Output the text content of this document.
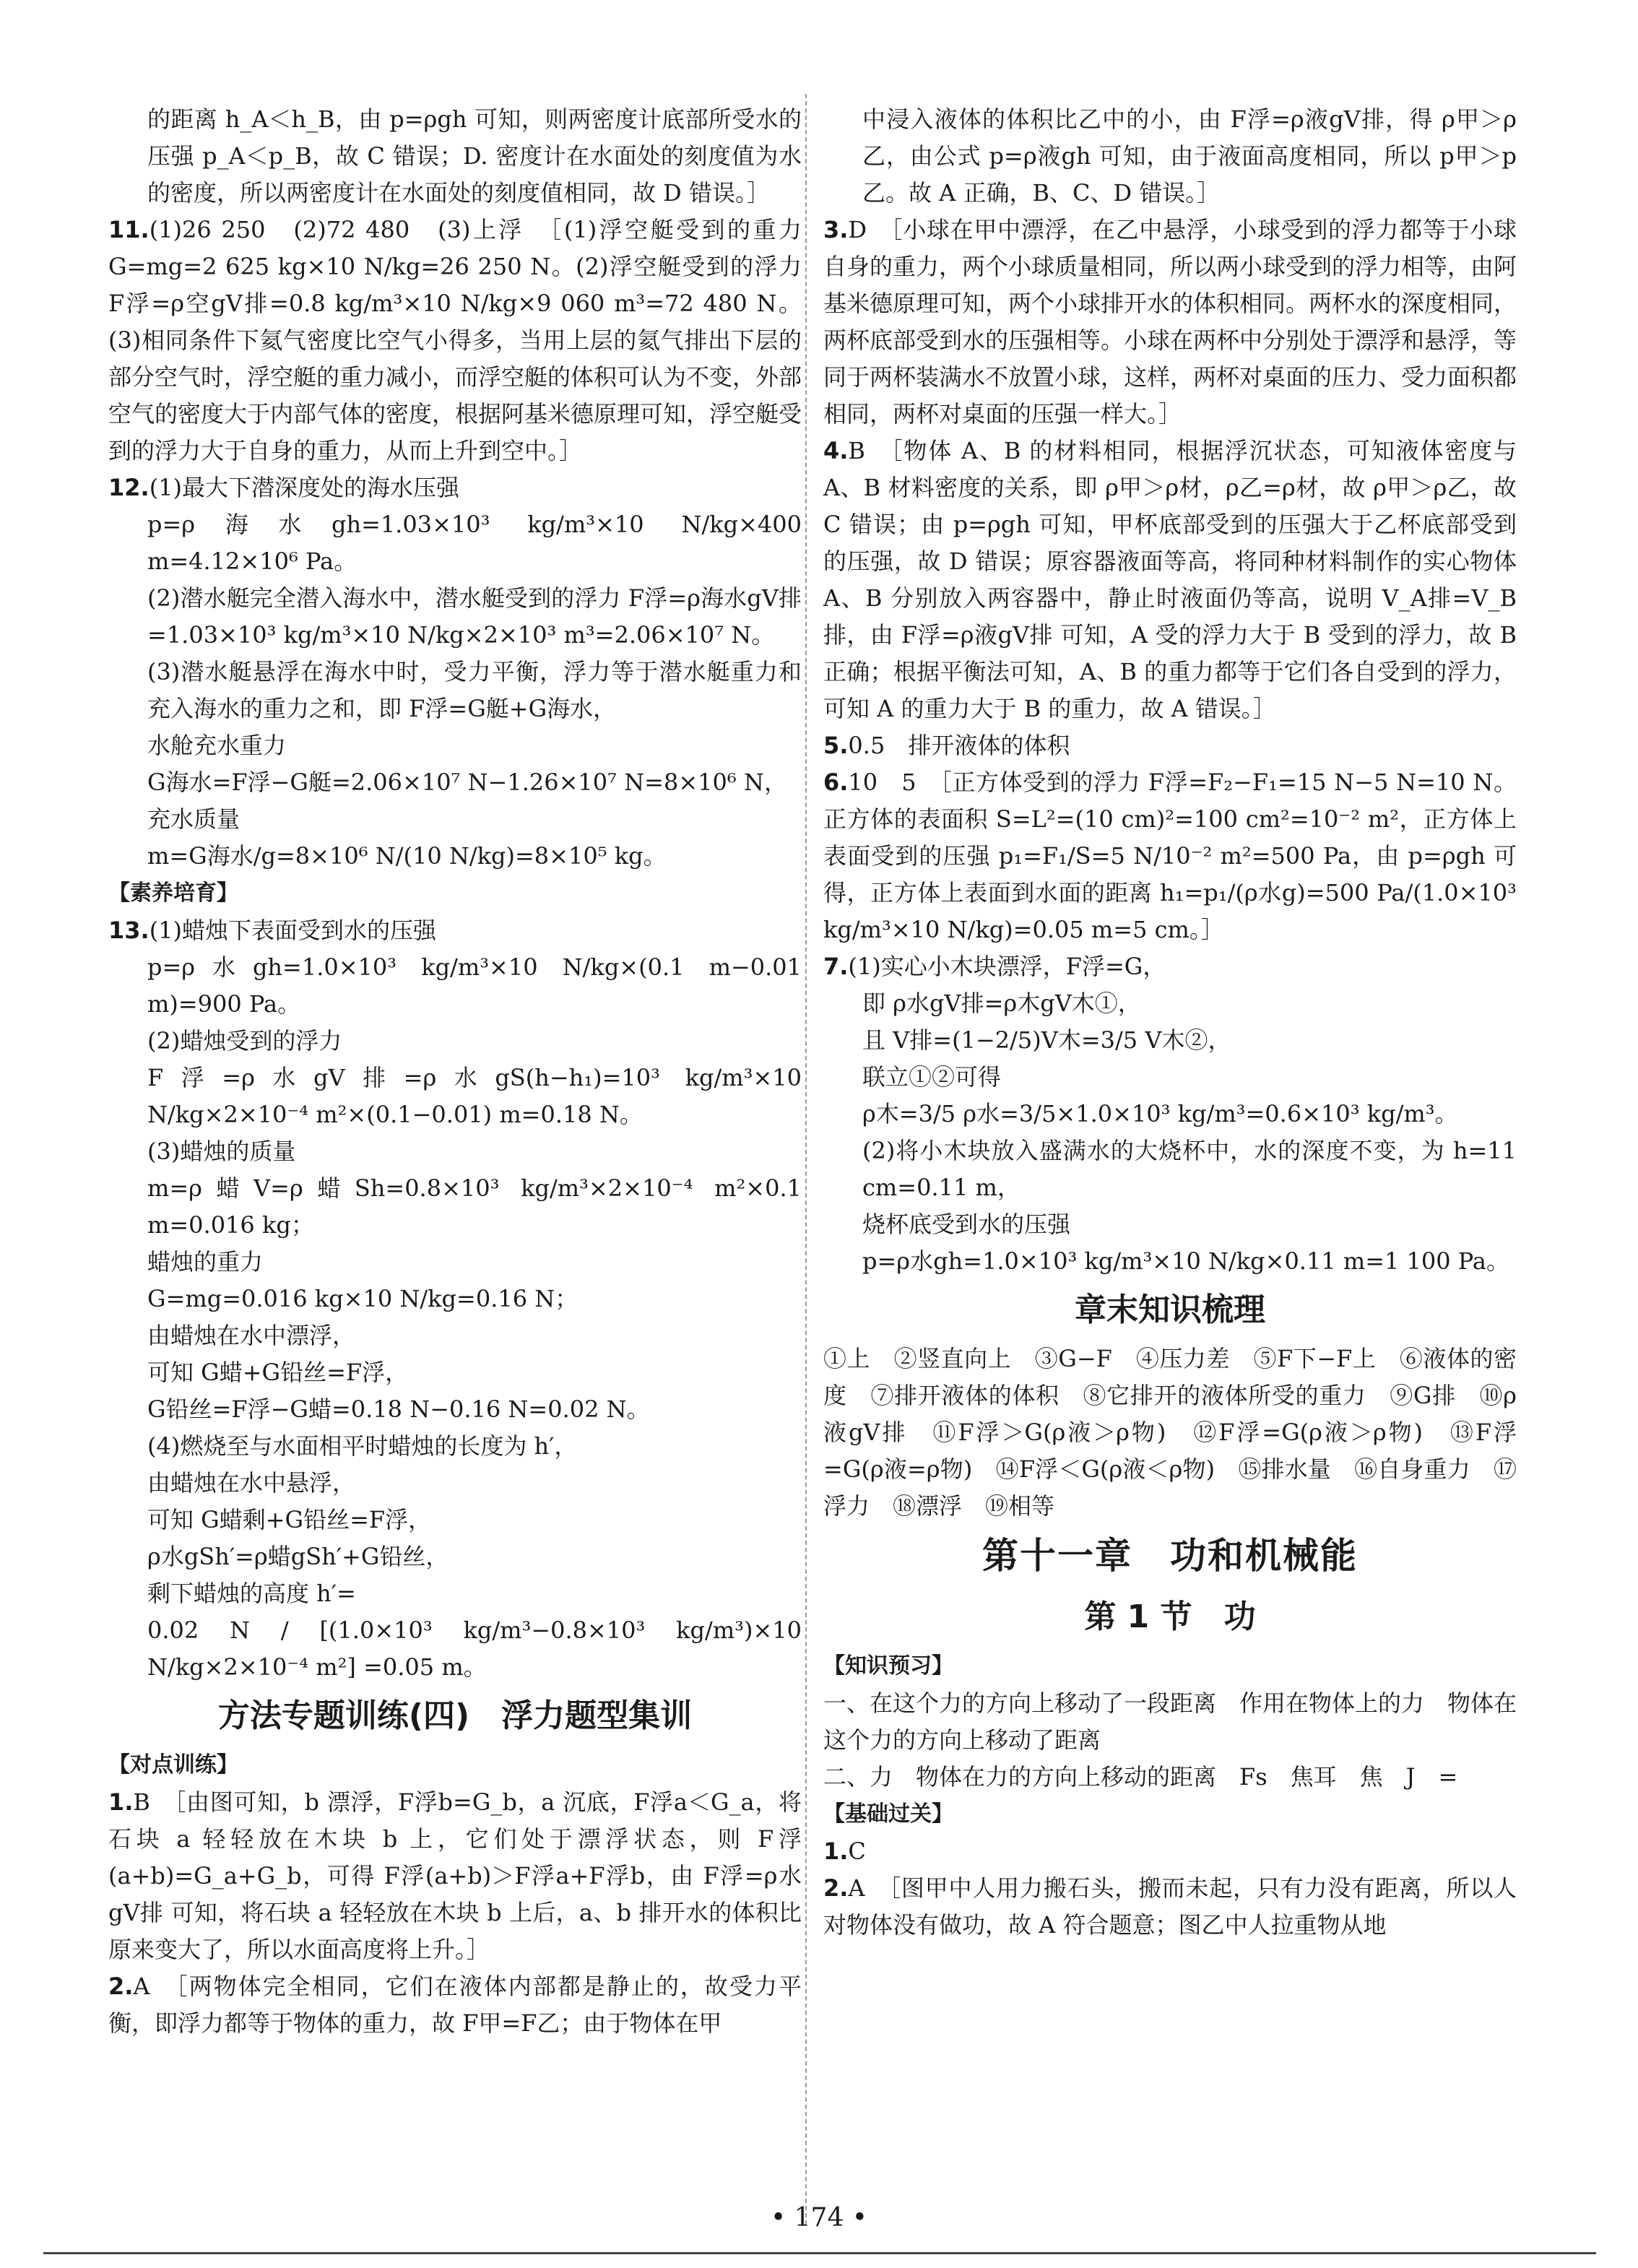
的距离 h_A＜h_B，由 p=ρgh 可知，则两密度计底部所受水的压强 p_A＜p_B，故 C 错误；D. 密度计在水面处的刻度值为水的密度，所以两密度计在水面处的刻度值相同，故 D 错误。］

11.(1)26 250　(2)72 480　(3)上浮　［(1)浮空艇受到的重力 G=mg=2 625 kg×10 N/kg=26 250 N。(2)浮空艇受到的浮力 F浮=ρ空gV排=0.8 kg/m³×10 N/kg×9 060 m³=72 480 N。(3)相同条件下氦气密度比空气小得多，当用上层的氦气排出下层的部分空气时，浮空艇的重力减小，而浮空艇的体积可认为不变，外部空气的密度大于内部气体的密度，根据阿基米德原理可知，浮空艇受到的浮力大于自身的重力，从而上升到空中。］

12.(1)最大下潜深度处的海水压强

p=ρ海水gh=1.03×10³ kg/m³×10 N/kg×400 m=4.12×10⁶ Pa。

(2)潜水艇完全潜入海水中，潜水艇受到的浮力 F浮=ρ海水gV排=1.03×10³ kg/m³×10 N/kg×2×10³ m³=2.06×10⁷ N。

(3)潜水艇悬浮在海水中时，受力平衡，浮力等于潜水艇重力和充入海水的重力之和，即 F浮=G艇+G海水，

水舱充水重力

G海水=F浮−G艇=2.06×10⁷ N−1.26×10⁷ N=8×10⁶ N，

充水质量

m=G海水/g=8×10⁶ N/(10 N/kg)=8×10⁵ kg。

【素养培育】

13.(1)蜡烛下表面受到水的压强

p=ρ水gh=1.0×10³ kg/m³×10 N/kg×(0.1 m−0.01 m)=900 Pa。

(2)蜡烛受到的浮力

F浮=ρ水gV排=ρ水gS(h−h₁)=10³ kg/m³×10 N/kg×2×10⁻⁴ m²×(0.1−0.01) m=0.18 N。

(3)蜡烛的质量

m=ρ蜡V=ρ蜡Sh=0.8×10³ kg/m³×2×10⁻⁴ m²×0.1 m=0.016 kg；

蜡烛的重力

G=mg=0.016 kg×10 N/kg=0.16 N；

由蜡烛在水中漂浮，

可知 G蜡+G铅丝=F浮，

G铅丝=F浮−G蜡=0.18 N−0.16 N=0.02 N。

(4)燃烧至与水面相平时蜡烛的长度为 h′，

由蜡烛在水中悬浮，

可知 G蜡剩+G铅丝=F浮，

ρ水gSh′=ρ蜡gSh′+G铅丝，

剩下蜡烛的高度 h′=

0.02 N / [(1.0×10³ kg/m³−0.8×10³ kg/m³)×10 N/kg×2×10⁻⁴ m²] =0.05 m。

方法专题训练(四)　浮力题型集训
【对点训练】

1.B　［由图可知，b 漂浮，F浮b=G_b，a 沉底，F浮a＜G_a，将石块 a 轻轻放在木块 b 上，它们处于漂浮状态，则 F浮(a+b)=G_a+G_b，可得 F浮(a+b)＞F浮a+F浮b，由 F浮=ρ水gV排 可知，将石块 a 轻轻放在木块 b 上后，a、b 排开水的体积比原来变大了，所以水面高度将上升。］

2.A　［两物体完全相同，它们在液体内部都是静止的，故受力平衡，即浮力都等于物体的重力，故 F甲=F乙；由于物体在甲

中浸入液体的体积比乙中的小，由 F浮=ρ液gV排，得 ρ甲＞ρ乙，由公式 p=ρ液gh 可知，由于液面高度相同，所以 p甲＞p乙。故 A 正确，B、C、D 错误。］

3.D　［小球在甲中漂浮，在乙中悬浮，小球受到的浮力都等于小球自身的重力，两个小球质量相同，所以两小球受到的浮力相等，由阿基米德原理可知，两个小球排开水的体积相同。两杯水的深度相同，两杯底部受到水的压强相等。小球在两杯中分别处于漂浮和悬浮，等同于两杯装满水不放置小球，这样，两杯对桌面的压力、受力面积都相同，两杯对桌面的压强一样大。］

4.B　［物体 A、B 的材料相同，根据浮沉状态，可知液体密度与 A、B 材料密度的关系，即 ρ甲＞ρ材，ρ乙=ρ材，故 ρ甲＞ρ乙，故 C 错误；由 p=ρgh 可知，甲杯底部受到的压强大于乙杯底部受到的压强，故 D 错误；原容器液面等高，将同种材料制作的实心物体 A、B 分别放入两容器中，静止时液面仍等高，说明 V_A排=V_B排，由 F浮=ρ液gV排 可知，A 受的浮力大于 B 受到的浮力，故 B 正确；根据平衡法可知，A、B 的重力都等于它们各自受到的浮力，可知 A 的重力大于 B 的重力，故 A 错误。］

5.0.5　排开液体的体积

6.10　5　［正方体受到的浮力 F浮=F₂−F₁=15 N−5 N=10 N。正方体的表面积 S=L²=(10 cm)²=100 cm²=10⁻² m²，正方体上表面受到的压强 p₁=F₁/S=5 N/10⁻² m²=500 Pa，由 p=ρgh 可得，正方体上表面到水面的距离 h₁=p₁/(ρ水g)=500 Pa/(1.0×10³ kg/m³×10 N/kg)=0.05 m=5 cm。］

7.(1)实心小木块漂浮，F浮=G，

即 ρ水gV排=ρ木gV木①，

且 V排=(1−2/5)V木=3/5 V木②，

联立①②可得

ρ木=3/5 ρ水=3/5×1.0×10³ kg/m³=0.6×10³ kg/m³。

(2)将小木块放入盛满水的大烧杯中，水的深度不变，为 h=11 cm=0.11 m，

烧杯底受到水的压强

p=ρ水gh=1.0×10³ kg/m³×10 N/kg×0.11 m=1 100 Pa。

章末知识梳理

①上　②竖直向上　③G−F　④压力差　⑤F下−F上　⑥液体的密度　⑦排开液体的体积　⑧它排开的液体所受的重力　⑨G排　⑩ρ液gV排　⑪F浮＞G(ρ液＞ρ物)　⑫F浮=G(ρ液＞ρ物)　⑬F浮=G(ρ液=ρ物)　⑭F浮＜G(ρ液＜ρ物)　⑮排水量　⑯自身重力　⑰浮力　⑱漂浮　⑲相等

第十一章　功和机械能
第 1 节　功
【知识预习】

一、在这个力的方向上移动了一段距离　作用在物体上的力　物体在这个力的方向上移动了距离

二、力　物体在力的方向上移动的距离　Fs　焦耳　焦　J　=

【基础过关】

1.C

2.A　［图甲中人用力搬石头，搬而未起，只有力没有距离，所以人对物体没有做功，故 A 符合题意；图乙中人拉重物从地

• 174 •
